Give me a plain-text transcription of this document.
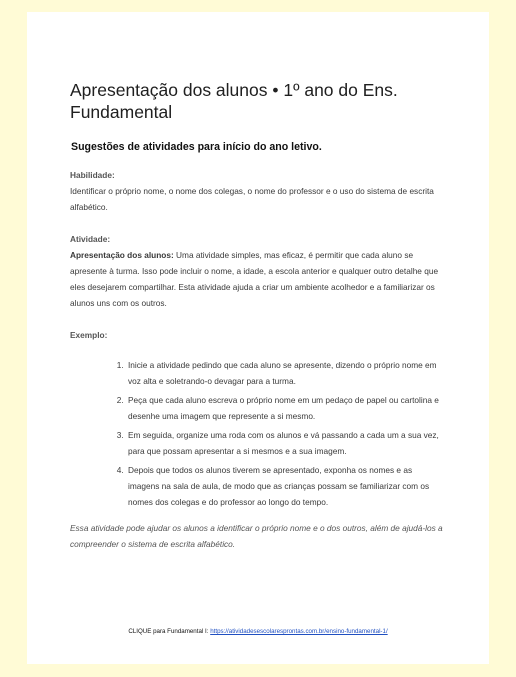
Apresentação dos alunos • 1º ano do Ens. Fundamental
Sugestões de atividades para início do ano letivo.
Habilidade:

Identificar o próprio nome, o nome dos colegas, o nome do professor e o uso do sistema de escrita alfabético.

Atividade:

Apresentação dos alunos: Uma atividade simples, mas eficaz, é permitir que cada aluno se apresente à turma. Isso pode incluir o nome, a idade, a escola anterior e qualquer outro detalhe que eles desejarem compartilhar. Esta atividade ajuda a criar um ambiente acolhedor e a familiarizar os alunos uns com os outros.

Exemplo:
1. Inicie a atividade pedindo que cada aluno se apresente, dizendo o próprio nome em voz alta e soletrando-o devagar para a turma.
2. Peça que cada aluno escreva o próprio nome em um pedaço de papel ou cartolina e desenhe uma imagem que represente a si mesmo.
3. Em seguida, organize uma roda com os alunos e vá passando a cada um a sua vez, para que possam apresentar a si mesmos e a sua imagem.
4. Depois que todos os alunos tiverem se apresentado, exponha os nomes e as imagens na sala de aula, de modo que as crianças possam se familiarizar com os nomes dos colegas e do professor ao longo do tempo.

Essa atividade pode ajudar os alunos a identificar o próprio nome e o dos outros, além de ajudá-los a compreender o sistema de escrita alfabético.

CLIQUE para Fundamental I: https://atividadesescolaresprontas.com.br/ensino-fundamental-1/
